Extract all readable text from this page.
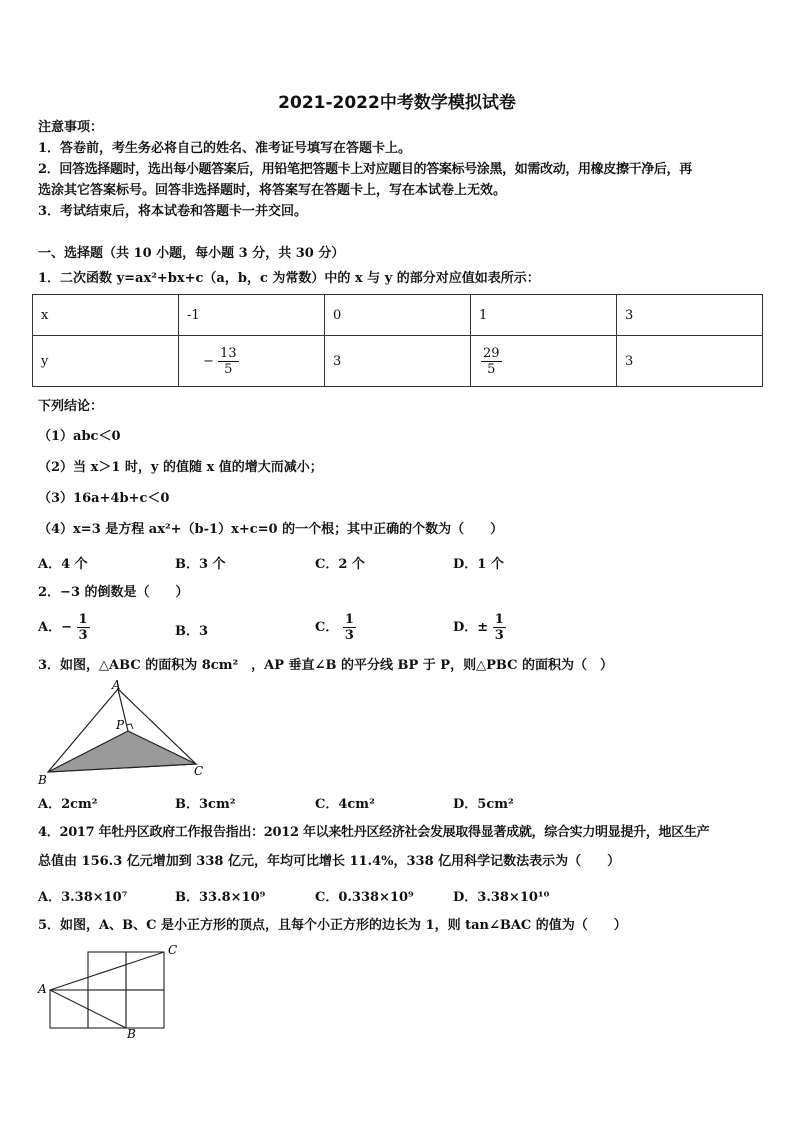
2021-2022中考数学模拟试卷
注意事项：
1．答卷前，考生务必将自己的姓名、准考证号填写在答题卡上。
2．回答选择题时，选出每小题答案后，用铅笔把答题卡上对应题目的答案标号涂黑，如需改动，用橡皮擦干净后，再
选涂其它答案标号。回答非选择题时，将答案写在答题卡上，写在本试卷上无效。
3．考试结束后，将本试卷和答题卡一并交回。
一、选择题（共 10 小题，每小题 3 分，共 30 分）
1．二次函数 y=ax²+bx+c（a，b，c 为常数）中的 x 与 y 的部分对应值如表所示：
x	-1	0	1	3
y	− $\frac{13}{5}$	3	$\frac{29}{5}$	3
下列结论：
（1）abc＜0
（2）当 x＞1 时，y 的值随 x 值的增大而减小；
（3）16a+4b+c＜0
（4）x=3 是方程 ax²+（b-1）x+c=0 的一个根；其中正确的个数为（　　）
A．4 个	B．3 个	C．2 个	D．1 个
2．−3 的倒数是（　　）
A．− $\frac{1}{3}$	B．3	C． $\frac{1}{3}$	D．± $\frac{1}{3}$
3．如图，△ABC 的面积为 8cm²　，AP 垂直∠B 的平分线 BP 于 P，则△PBC 的面积为（　）
A
P
B
C
A．2cm²	B．3cm²	C．4cm²	D．5cm²
4．2017 年牡丹区政府工作报告指出：2012 年以来牡丹区经济社会发展取得显著成就，综合实力明显提升，地区生产
总值由 156.3 亿元增加到 338 亿元，年均可比增长 11.4%，338 亿用科学记数法表示为（　　）
A．3.38×10⁷	B．33.8×10⁹	C．0.338×10⁹	D．3.38×10¹⁰
5．如图，A、B、C 是小正方形的顶点，且每个小正方形的边长为 1，则 tan∠BAC 的值为（　　）
A
C
B
